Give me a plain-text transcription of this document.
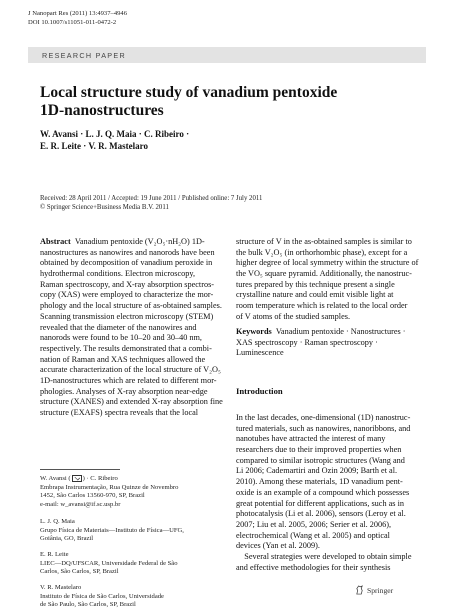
J Nanopart Res (2011) 13:4937–4946
DOI 10.1007/s11051-011-0472-2
RESEARCH PAPER
Local structure study of vanadium pentoxide
1D-nanostructures
W. Avansi · L. J. Q. Maia · C. Ribeiro ·
E. R. Leite · V. R. Mastelaro
Received: 28 April 2011 / Accepted: 19 June 2011 / Published online: 7 July 2011
© Springer Science+Business Media B.V. 2011

Abstract Vanadium pentoxide (V₂O₅·nH₂O) 1D-

nanostructures as nanowires and nanorods have been

obtained by decomposition of vanadium peroxide in

hydrothermal conditions. Electron microscopy,

Raman spectroscopy, and X-ray absorption spectros-

copy (XAS) were employed to characterize the mor-

phology and the local structure of as-obtained samples.

Scanning transmission electron microscopy (STEM)

revealed that the diameter of the nanowires and

nanorods were found to be 10–20 and 30–40 nm,

respectively. The results demonstrated that a combi-

nation of Raman and XAS techniques allowed the

accurate characterization of the local structure of V₂O₅

1D-nanostructures which are related to different mor-

phologies. Analyses of X-ray absorption near-edge

structure (XANES) and extended X-ray absorption fine

structure (EXAFS) spectra reveals that the local

W. Avansi ( ) · C. Ribeiro
Embrapa Instrumentação, Rua Quinze de Novembro
1452, São Carlos 13560-970, SP, Brazil
e-mail: w_avansi@if.sc.usp.br
L. J. Q. Maia
Grupo Física de Materiais—Instituto de Física—UFG,
Goiânia, GO, Brazil
E. R. Leite
LIEC—DQ/UFSCAR, Universidade Federal de São
Carlos, São Carlos, SP, Brazil
V. R. Mastelaro
Instituto de Física de São Carlos, Universidade
de São Paulo, São Carlos, SP, Brazil

structure of V in the as-obtained samples is similar to

the bulk V₂O₅ (in orthorhombic phase), except for a

higher degree of local symmetry within the structure of

the VO₅ square pyramid. Additionally, the nanostruc-

tures prepared by this technique present a single

crystalline nature and could emit visible light at

room temperature which is related to the local order

of V atoms of the studied samples.

Keywords Vanadium pentoxide · Nanostructures ·

XAS spectroscopy · Raman spectroscopy ·

Luminescence

Introduction

In the last decades, one-dimensional (1D) nanostruc-

tured materials, such as nanowires, nanoribbons, and

nanotubes have attracted the interest of many

researchers due to their improved properties when

compared to similar isotropic structures (Wang and

Li 2006; Cademartiri and Ozin 2009; Barth et al.

2010). Among these materials, 1D vanadium pent-

oxide is an example of a compound which possesses

great potential for different applications, such as in

photocatalysis (Li et al. 2006), sensors (Leroy et al.

2007; Liu et al. 2005, 2006; Serier et al. 2006),

electrochemical (Wang et al. 2005) and optical

devices (Yan et al. 2009).

Several strategies were developed to obtain simple

and effective methodologies for their synthesis

Springer
